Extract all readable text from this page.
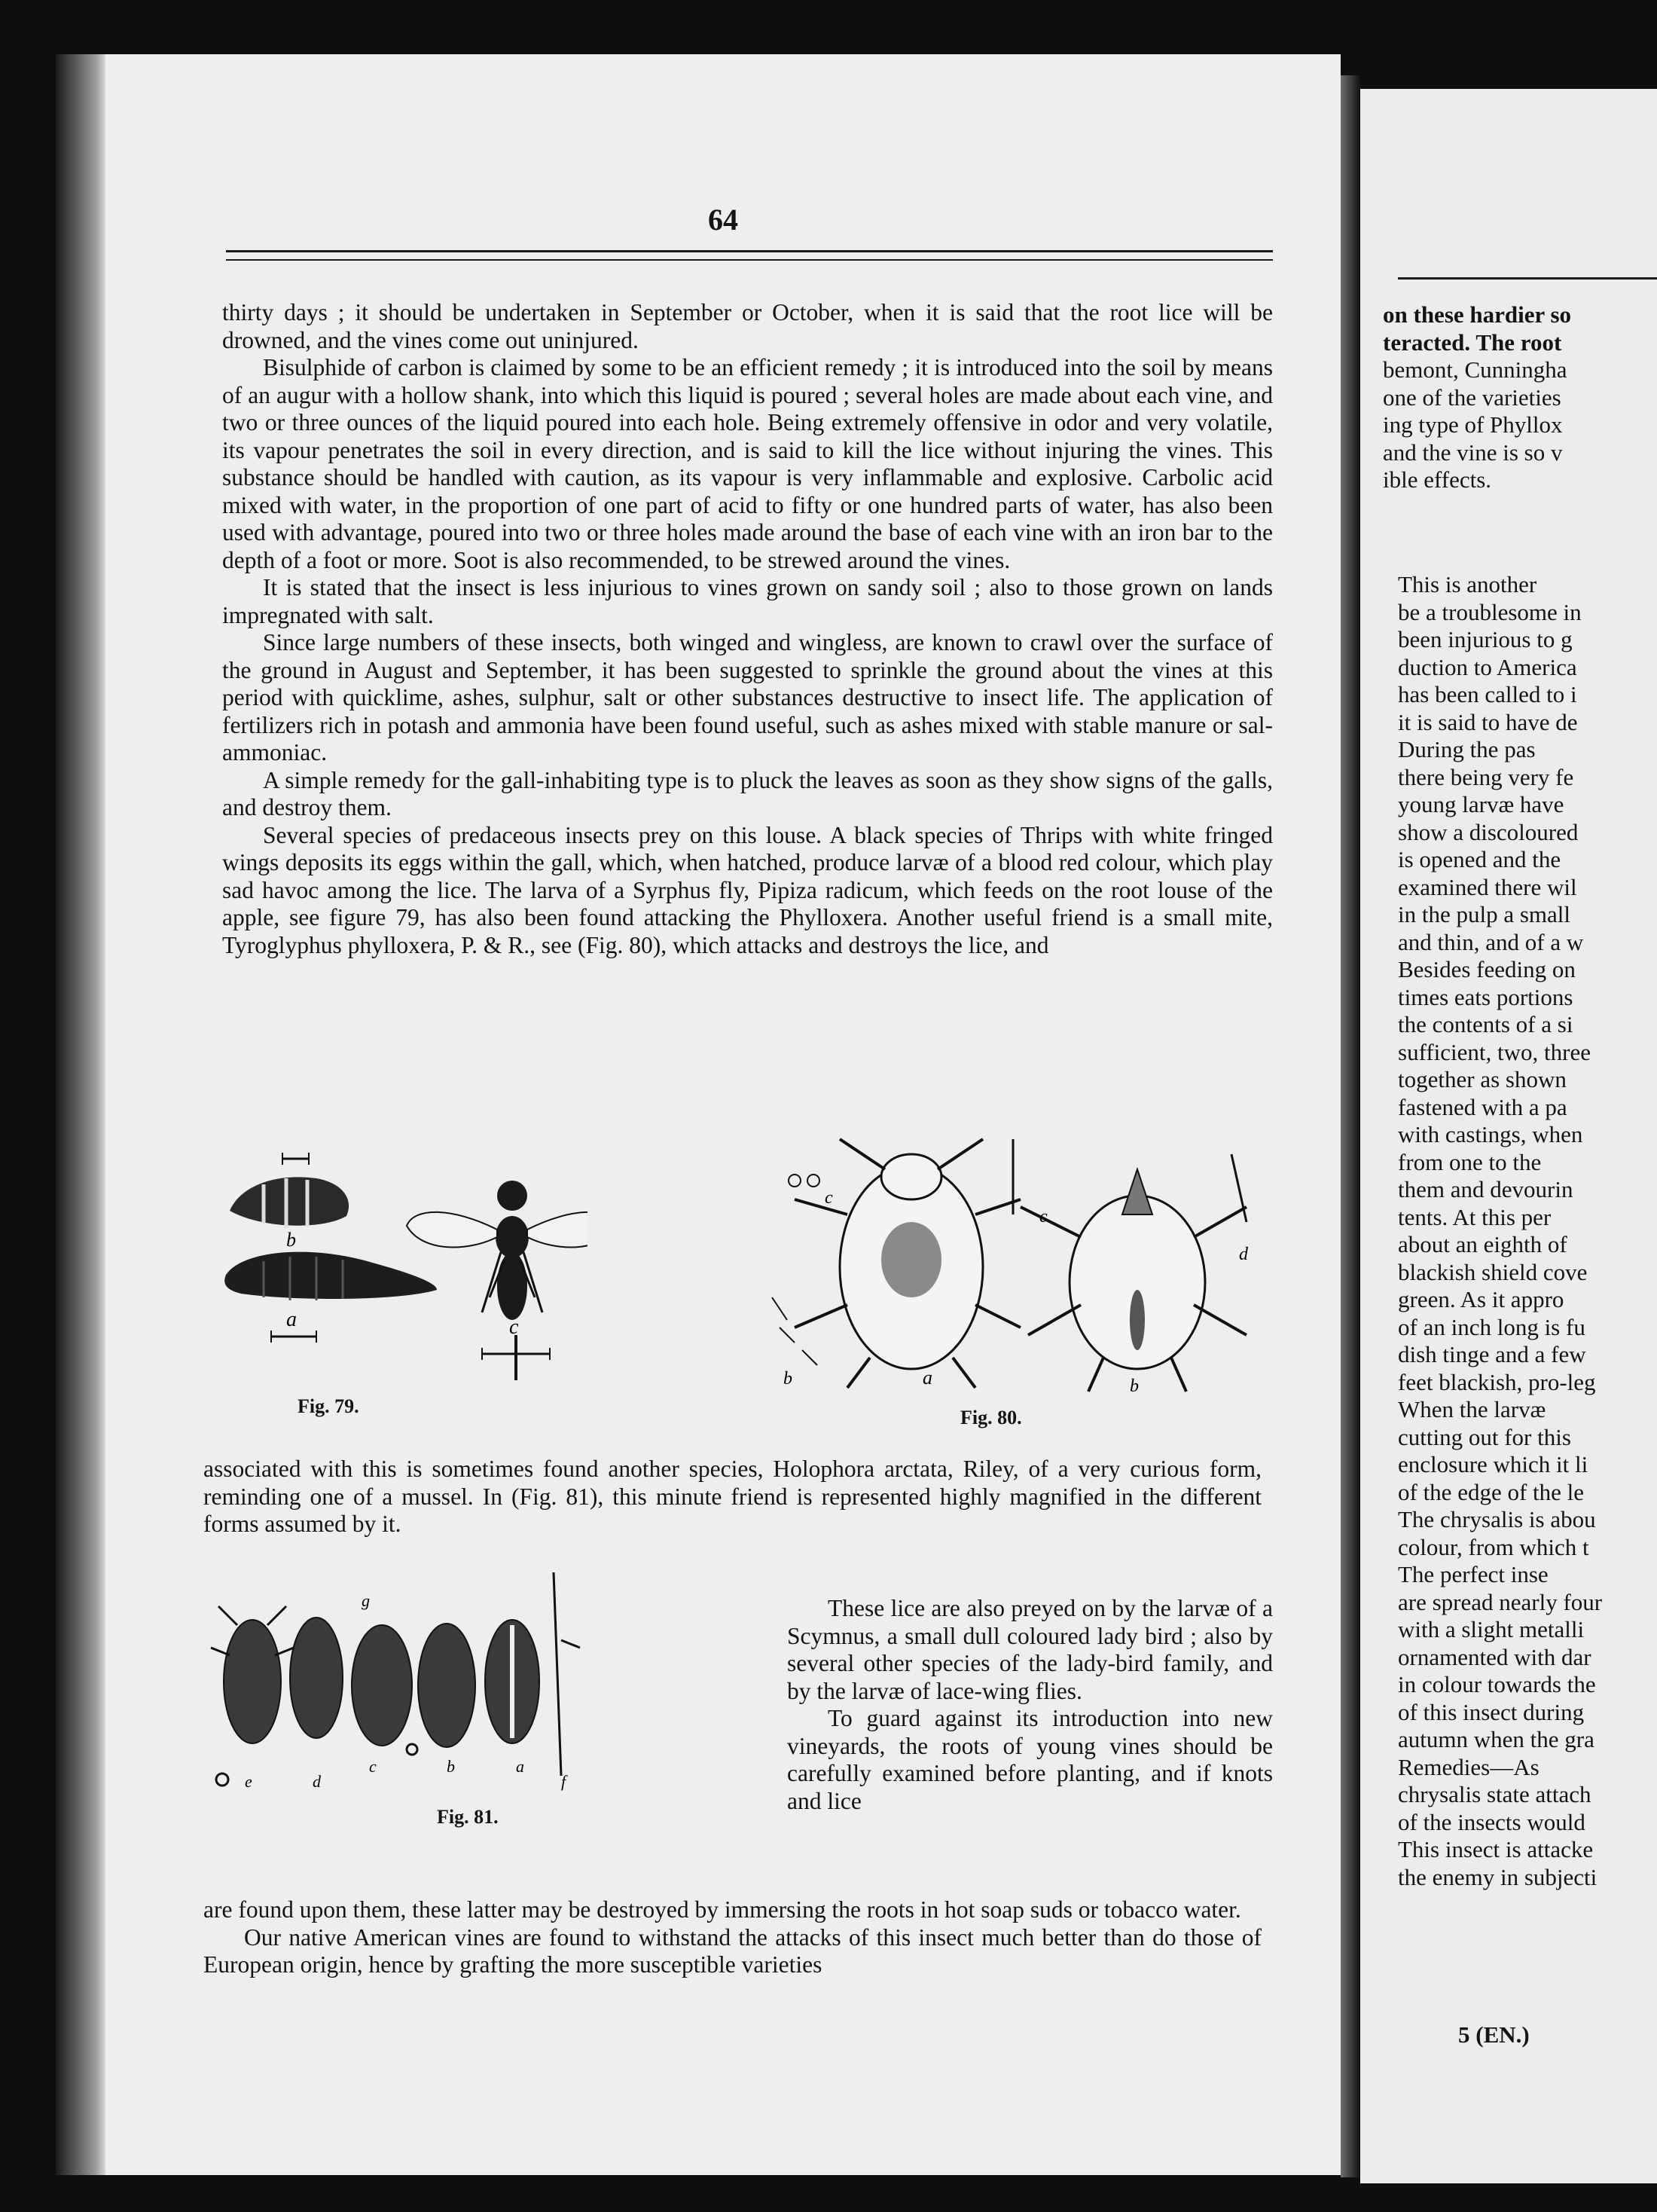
64

thirty days ; it should be undertaken in September or October, when it is said that the root lice will be drowned, and the vines come out uninjured.

Bisulphide of carbon is claimed by some to be an efficient remedy ; it is introduced into the soil by means of an augur with a hollow shank, into which this liquid is poured ; several holes are made about each vine, and two or three ounces of the liquid poured into each hole. Being extremely offensive in odor and very volatile, its vapour penetrates the soil in every direction, and is said to kill the lice without injuring the vines. This substance should be handled with caution, as its vapour is very inflammable and explosive. Carbolic acid mixed with water, in the proportion of one part of acid to fifty or one hundred parts of water, has also been used with advantage, poured into two or three holes made around the base of each vine with an iron bar to the depth of a foot or more. Soot is also recommended, to be strewed around the vines.

It is stated that the insect is less injurious to vines grown on sandy soil ; also to those grown on lands impregnated with salt.

Since large numbers of these insects, both winged and wingless, are known to crawl over the surface of the ground in August and September, it has been suggested to sprinkle the ground about the vines at this period with quicklime, ashes, sulphur, salt or other substances destructive to insect life. The application of fertilizers rich in potash and ammonia have been found useful, such as ashes mixed with stable manure or sal-ammoniac.

A simple remedy for the gall-inhabiting type is to pluck the leaves as soon as they show signs of the galls, and destroy them.

Several species of predaceous insects prey on this louse. A black species of Thrips with white fringed wings deposits its eggs within the gall, which, when hatched, produce larvæ of a blood red colour, which play sad havoc among the lice. The larva of a Syrphus fly, Pipiza radicum, which feeds on the root louse of the apple, see figure 79, has also been found attacking the Phylloxera. Another useful friend is a small mite, Tyroglyphus phylloxera, P. & R., see (Fig. 80), which attacks and destroys the lice, and

b
a	c
Fig. 79.
c
a
b
c
d
b
Fig. 80.

associated with this is sometimes found another species, Holophora arctata, Riley, of a very curious form, reminding one of a mussel. In (Fig. 81), this minute friend is represented highly magnified in the different forms assumed by it.

e	d
g
c	b	a
f
Fig. 81.

These lice are also preyed on by the larvæ of a Scymnus, a small dull coloured lady bird ; also by several other species of the lady-bird family, and by the larvæ of lace-wing flies.

To guard against its introduction into new vineyards, the roots of young vines should be carefully examined before planting, and if knots and lice

are found upon them, these latter may be destroyed by immersing the roots in hot soap suds or tobacco water.

Our native American vines are found to withstand the attacks of this insect much better than do those of European origin, hence by grafting the more susceptible varieties

on these hardier so
teracted. The root
bemont, Cunningha
one of the varieties
ing type of Phyllox
and the vine is so v
ible effects.
This is another
be a troublesome in
been injurious to g
duction to America
has been called to i
it is said to have de
During the pas
there being very fe
young larvæ have
show a discoloured
is opened and the
examined there wil
in the pulp a small
and thin, and of a w
Besides feeding on
times eats portions
the contents of a si
sufficient, two, three
together as shown
fastened with a pa
with castings, when
from one to the
them and devourin
tents. At this per
about an eighth of
blackish shield cove
green. As it appro
of an inch long is fu
dish tinge and a few
feet blackish, pro-leg
When the larvæ
cutting out for this
enclosure which it li
of the edge of the le
The chrysalis is abou
colour, from which t
The perfect inse
are spread nearly four
with a slight metalli
ornamented with dar
in colour towards the
of this insect during
autumn when the gra
Remedies—As
chrysalis state attach
of the insects would
This insect is attacke
the enemy in subjecti
5 (EN.)
